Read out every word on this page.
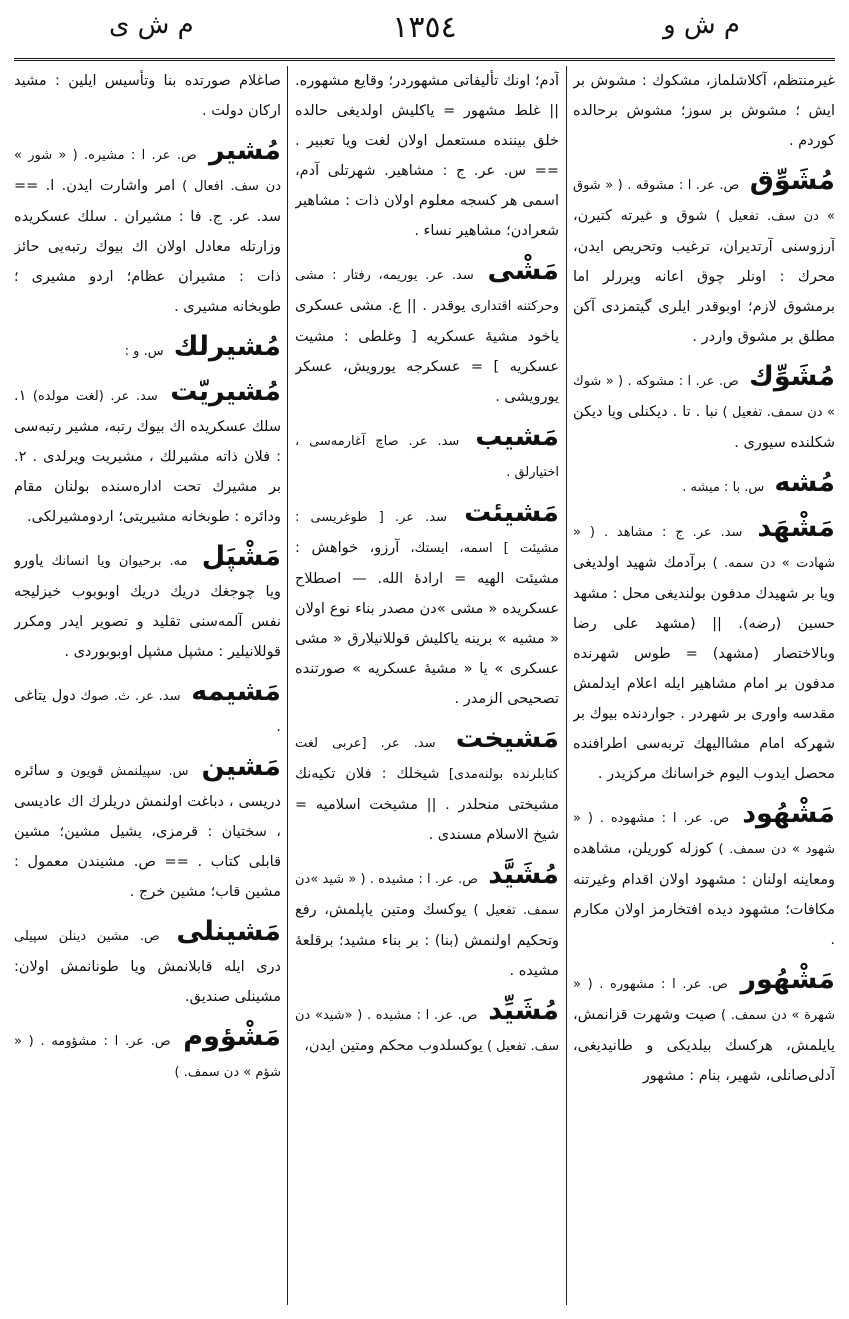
م ش و
١٣٥٤
م ش ی
غیرمنتظم، آکلاشلماز، مشکوك : مشوش بر ایش ؛ مشوش بر سوز؛ مشوش برحالده کوردم .
مُشَوِّق ص. عر. ا : مشوقه . ( « شوق » دن سف. تفعیل ) شوق و غیرته کتیرن، آرزوسنی آرتدیران، ترغیب وتحریص ایدن، محرك : اونلر چوق اعانه ویررلر اما برمشوق لازم؛ اوبوقدر ایلری گیتمزدی آکن مطلق بر مشوق واردر .
مُشَوِّك ص. عر. ا : مشوکه . ( « شوك » دن سمف. تفعیل ) نبا . تا . دیکنلی ویا دیکن شکلنده سیوری .
مُشه س. با : میشه .
مَشْهَد سد. عر. ج : مشاهد . ( « شهادت » دن سمه. ) برآدمك شهید اولدیغی ویا بر شهیدك مدفون بولندیغی محل : مشهد حسین (رضه). || (مشهد علی رضا وبالاختصار (مشهد) = طوس شهرنده مدفون بر امام مشاهیر ایله اعلام ایدلمش مقدسه واوری بر شهردر . جواردنده بیوك بر شهرکه امام مشاالیهك تربه‌سی اطرافنده محصل ایدوب الیوم خراسانك مرکزیدر .
مَشْهُود ص. عر. ا : مشهوده . ( « شهود » دن سمف. ) کوزله کوریلن، مشاهده ومعاینه اولنان : مشهود اولان اقدام وغیرتنه مکافات؛ مشهود دیده افتخارمز اولان مکارم .
مَشْهُور ص. عر. ا : مشهوره . ( « شهرة » دن سمف. ) صیت وشهرت قزانمش، یایلمش، هرکسك بیلدیکی و طانیدیغی، آدلی‌صانلی، شهیر، بنام : مشهور
آدم؛ اونك تألیفاتی مشهوردر؛ وقایع مشهوره. || غلط مشهور = یاکلیش اولدیغی حالده خلق بیننده مستعمل اولان لغت ویا تعبیر . == س. عر. ج : مشاهیر. شهرتلی آدم، اسمی هر کسجه معلوم اولان ذات : مشاهیر شعرادن؛ مشاهیر نساء .
مَشْی سد. عر. یوریمه، رفتار : مشی وحرکتنه اقتداری یوقدر . || ع. مشی عسکری یاخود مشیهٔ عسکریه [ وغلطی : مشیت عسکریه ] = عسکرجه یورویش، عسکر یورویشی .
مَشیب سد. عر. صاچ آغارمه‌سی ، اختیارلق .
مَشیئت سد. عر. [ طوغریسی : مشیئت ] اسمه، ایستك، آرزو، خواهش : مشیئت الهیه = ارادهٔ الله. — اصطلاح عسکریده « مشی »دن مصدر بناء نوع اولان « مشیه » برینه یاکلیش قوللانیلارق « مشی عسکری » یا « مشیهٔ عسکریه » صورتنده تصحیحی الزمدر .
مَشیخت سد. عر. [عربی لغت کتابلرنده بولنه‌مدی] شیخلك : فلان تکیه‌نك مشیختی منحلدر . || مشیخت اسلامیه = شیخ الاسلام مسندی .
مُشَیَّد ص. عر. ا : مشیده . ( « شید »دن سمف. تفعیل ) یوکسك ومتین یاپلمش، رفع وتحکیم اولنمش (بنا) : بر بناء مشید؛ برقلعهٔ مشیده .
مُشَیِّد ص. عر. ا : مشیده . ( «شید» دن سف. تفعیل ) یوکسلدوب محکم ومتین ایدن،
صاغلام صورتده بنا وتأسیس ایلین : مشید ارکان دولت .
مُشیر ص. عر. ا : مشیره. ( « شور » دن سف. افعال ) امر واشارت ایدن. ا. == سد. عر. ج. فا : مشیران . سلك عسکریده وزارتله معادل اولان اك بیوك رتبه‌یی حائز ذات : مشیران عظام؛ اردو مشیری ؛ طوبخانه مشیری .
مُشیرلك س. و :
مُشیریّت سد. عر. (لغت مولده) ١. سلك عسکریده اك بیوك رتبه، مشیر رتبه‌سی : فلان ذاته مشیرلك ، مشیریت ویرلدی . ٢. بر مشیرك تحت اداره‌سنده بولنان مقام ودائره : طوبخانه مشیریتی؛ اردومشیرلکی.
مَشْپَل مه. برحیوان ویا انسانك یاورو ویا چوجغك دریك دریك اوبوبوب خیزلیجه نفس آلمه‌سنی تقلید و تصویر ایدر ومکرر قوللانیلیر : مشپل مشپل اوبوبوردی .
مَشیمه سد. عر. ث. صوك دول یتاغی .
مَشین س. سپیلنمش قویون و سائره دریسی ، دباغت اولنمش دریلرك اك عادیسی ، سختیان : قرمزی، یشیل مشین؛ مشین قابلی کتاب . == ص. مشیندن معمول : مشین قاب؛ مشین خرج .
مَشینلی ص. مشین دینلن سپیلی دری ایله قابلانمش ویا طونانمش اولان: مشینلی صندیق.
مَشْؤوم ص. عر. ا : مشؤومه . ( « شؤم » دن سمف. )
